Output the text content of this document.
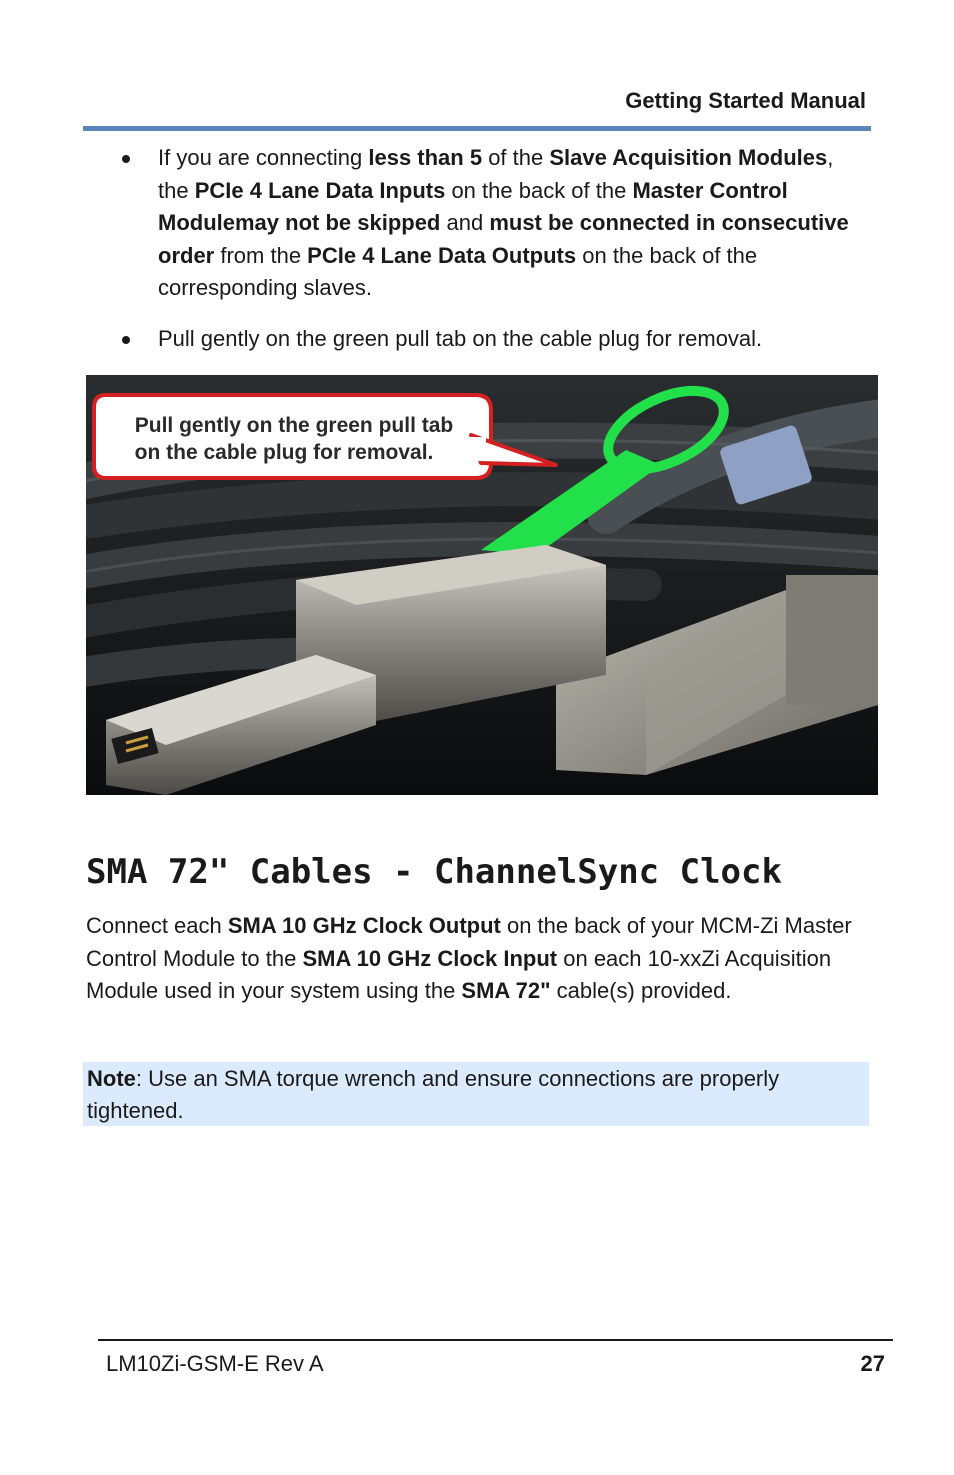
Getting Started Manual
If you are connecting less than 5 of the Slave Acquisition Modules, the PCIe 4 Lane Data Inputs on the back of the Master Control Modulemay not be skipped and must be connected in consecutive order from the PCIe 4 Lane Data Outputs on the back of the corresponding slaves.
Pull gently on the green pull tab on the cable plug for removal.
Pull gently on the green pull tab
on the cable plug for removal.
SMA 72" Cables - ChannelSync Clock

Connect each SMA 10 GHz Clock Output on the back of your MCM-Zi Master Control Module to the SMA 10 GHz Clock Input on each 10-xxZi Acquisition Module used in your system using the SMA 72" cable(s) provided.

Note: Use an SMA torque wrench and ensure connections are properly tightened.
LM10Zi-GSM-E Rev A	27
